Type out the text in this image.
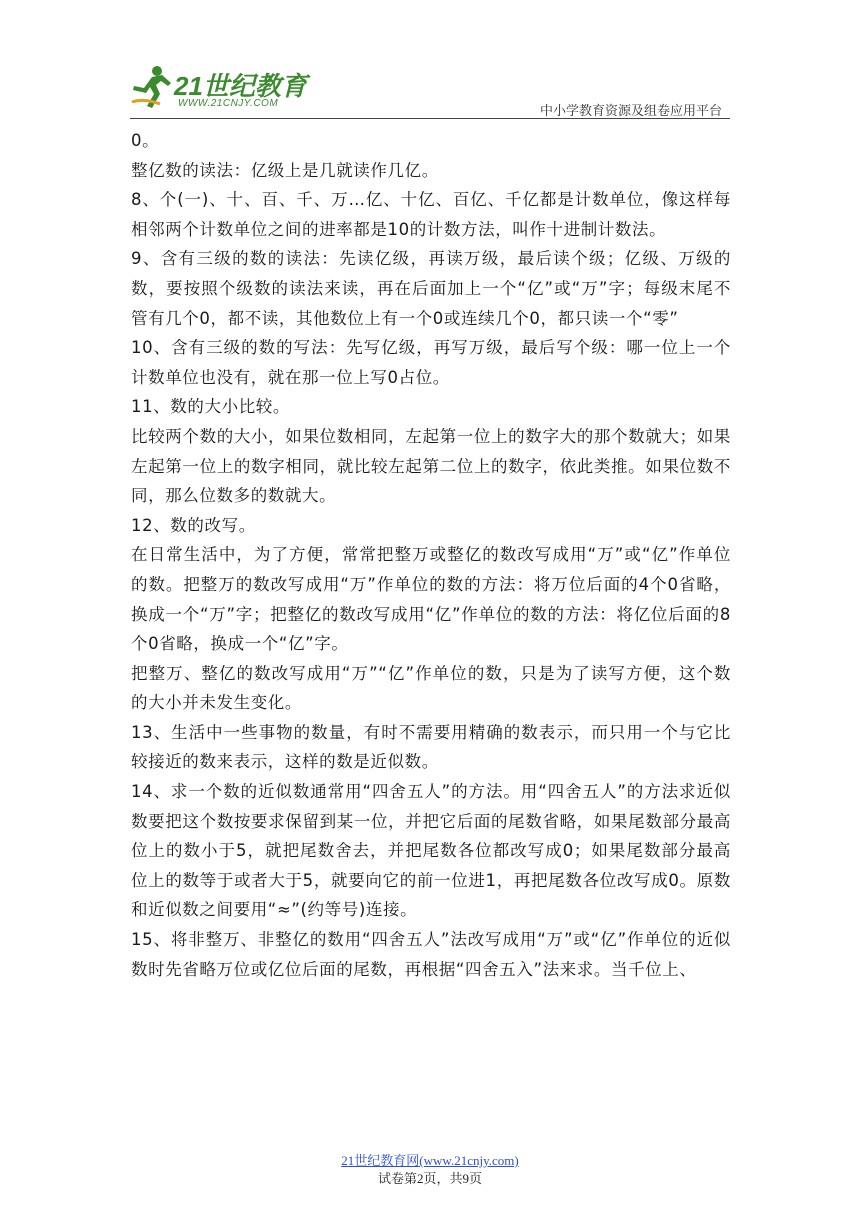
21世纪教育
WWW.21CNJY.COM
中小学教育资源及组卷应用平台

0。

整亿数的读法：亿级上是几就读作几亿。

8、个(一)、十、百、千、万…亿、十亿、百亿、千亿都是计数单位，像这样每相邻两个计数单位之间的进率都是10的计数方法，叫作十进制计数法。

9、含有三级的数的读法：先读亿级，再读万级，最后读个级；亿级、万级的数，要按照个级数的读法来读，再在后面加上一个“亿”或“万”字；每级末尾不管有几个0，都不读，其他数位上有一个0或连续几个0，都只读一个“零”

10、含有三级的数的写法：先写亿级，再写万级，最后写个级：哪一位上一个计数单位也没有，就在那一位上写0占位。

11、数的大小比较。

比较两个数的大小，如果位数相同，左起第一位上的数字大的那个数就大；如果左起第一位上的数字相同，就比较左起第二位上的数字，依此类推。如果位数不同，那么位数多的数就大。

12、数的改写。

在日常生活中，为了方便，常常把整万或整亿的数改写成用“万”或“亿”作单位的数。把整万的数改写成用“万”作单位的数的方法：将万位后面的4个0省略，换成一个“万”字；把整亿的数改写成用“亿”作单位的数的方法：将亿位后面的8个0省略，换成一个“亿”字。

把整万、整亿的数改写成用“万”“亿”作单位的数，只是为了读写方便，这个数的大小并未发生变化。

13、生活中一些事物的数量，有时不需要用精确的数表示，而只用一个与它比较接近的数来表示，这样的数是近似数。

14、求一个数的近似数通常用“四舍五人”的方法。用“四舍五人”的方法求近似数要把这个数按要求保留到某一位，并把它后面的尾数省略，如果尾数部分最高位上的数小于5，就把尾数舍去，并把尾数各位都改写成0；如果尾数部分最高位上的数等于或者大于5，就要向它的前一位进1，再把尾数各位改写成0。原数和近似数之间要用“≈”(约等号)连接。

15、将非整万、非整亿的数用“四舍五人”法改写成用“万”或“亿”作单位的近似数时先省略万位或亿位后面的尾数，再根据“四舍五入”法来求。当千位上、

21世纪教育网(www.21cnjy.com)
试卷第2页，共9页
